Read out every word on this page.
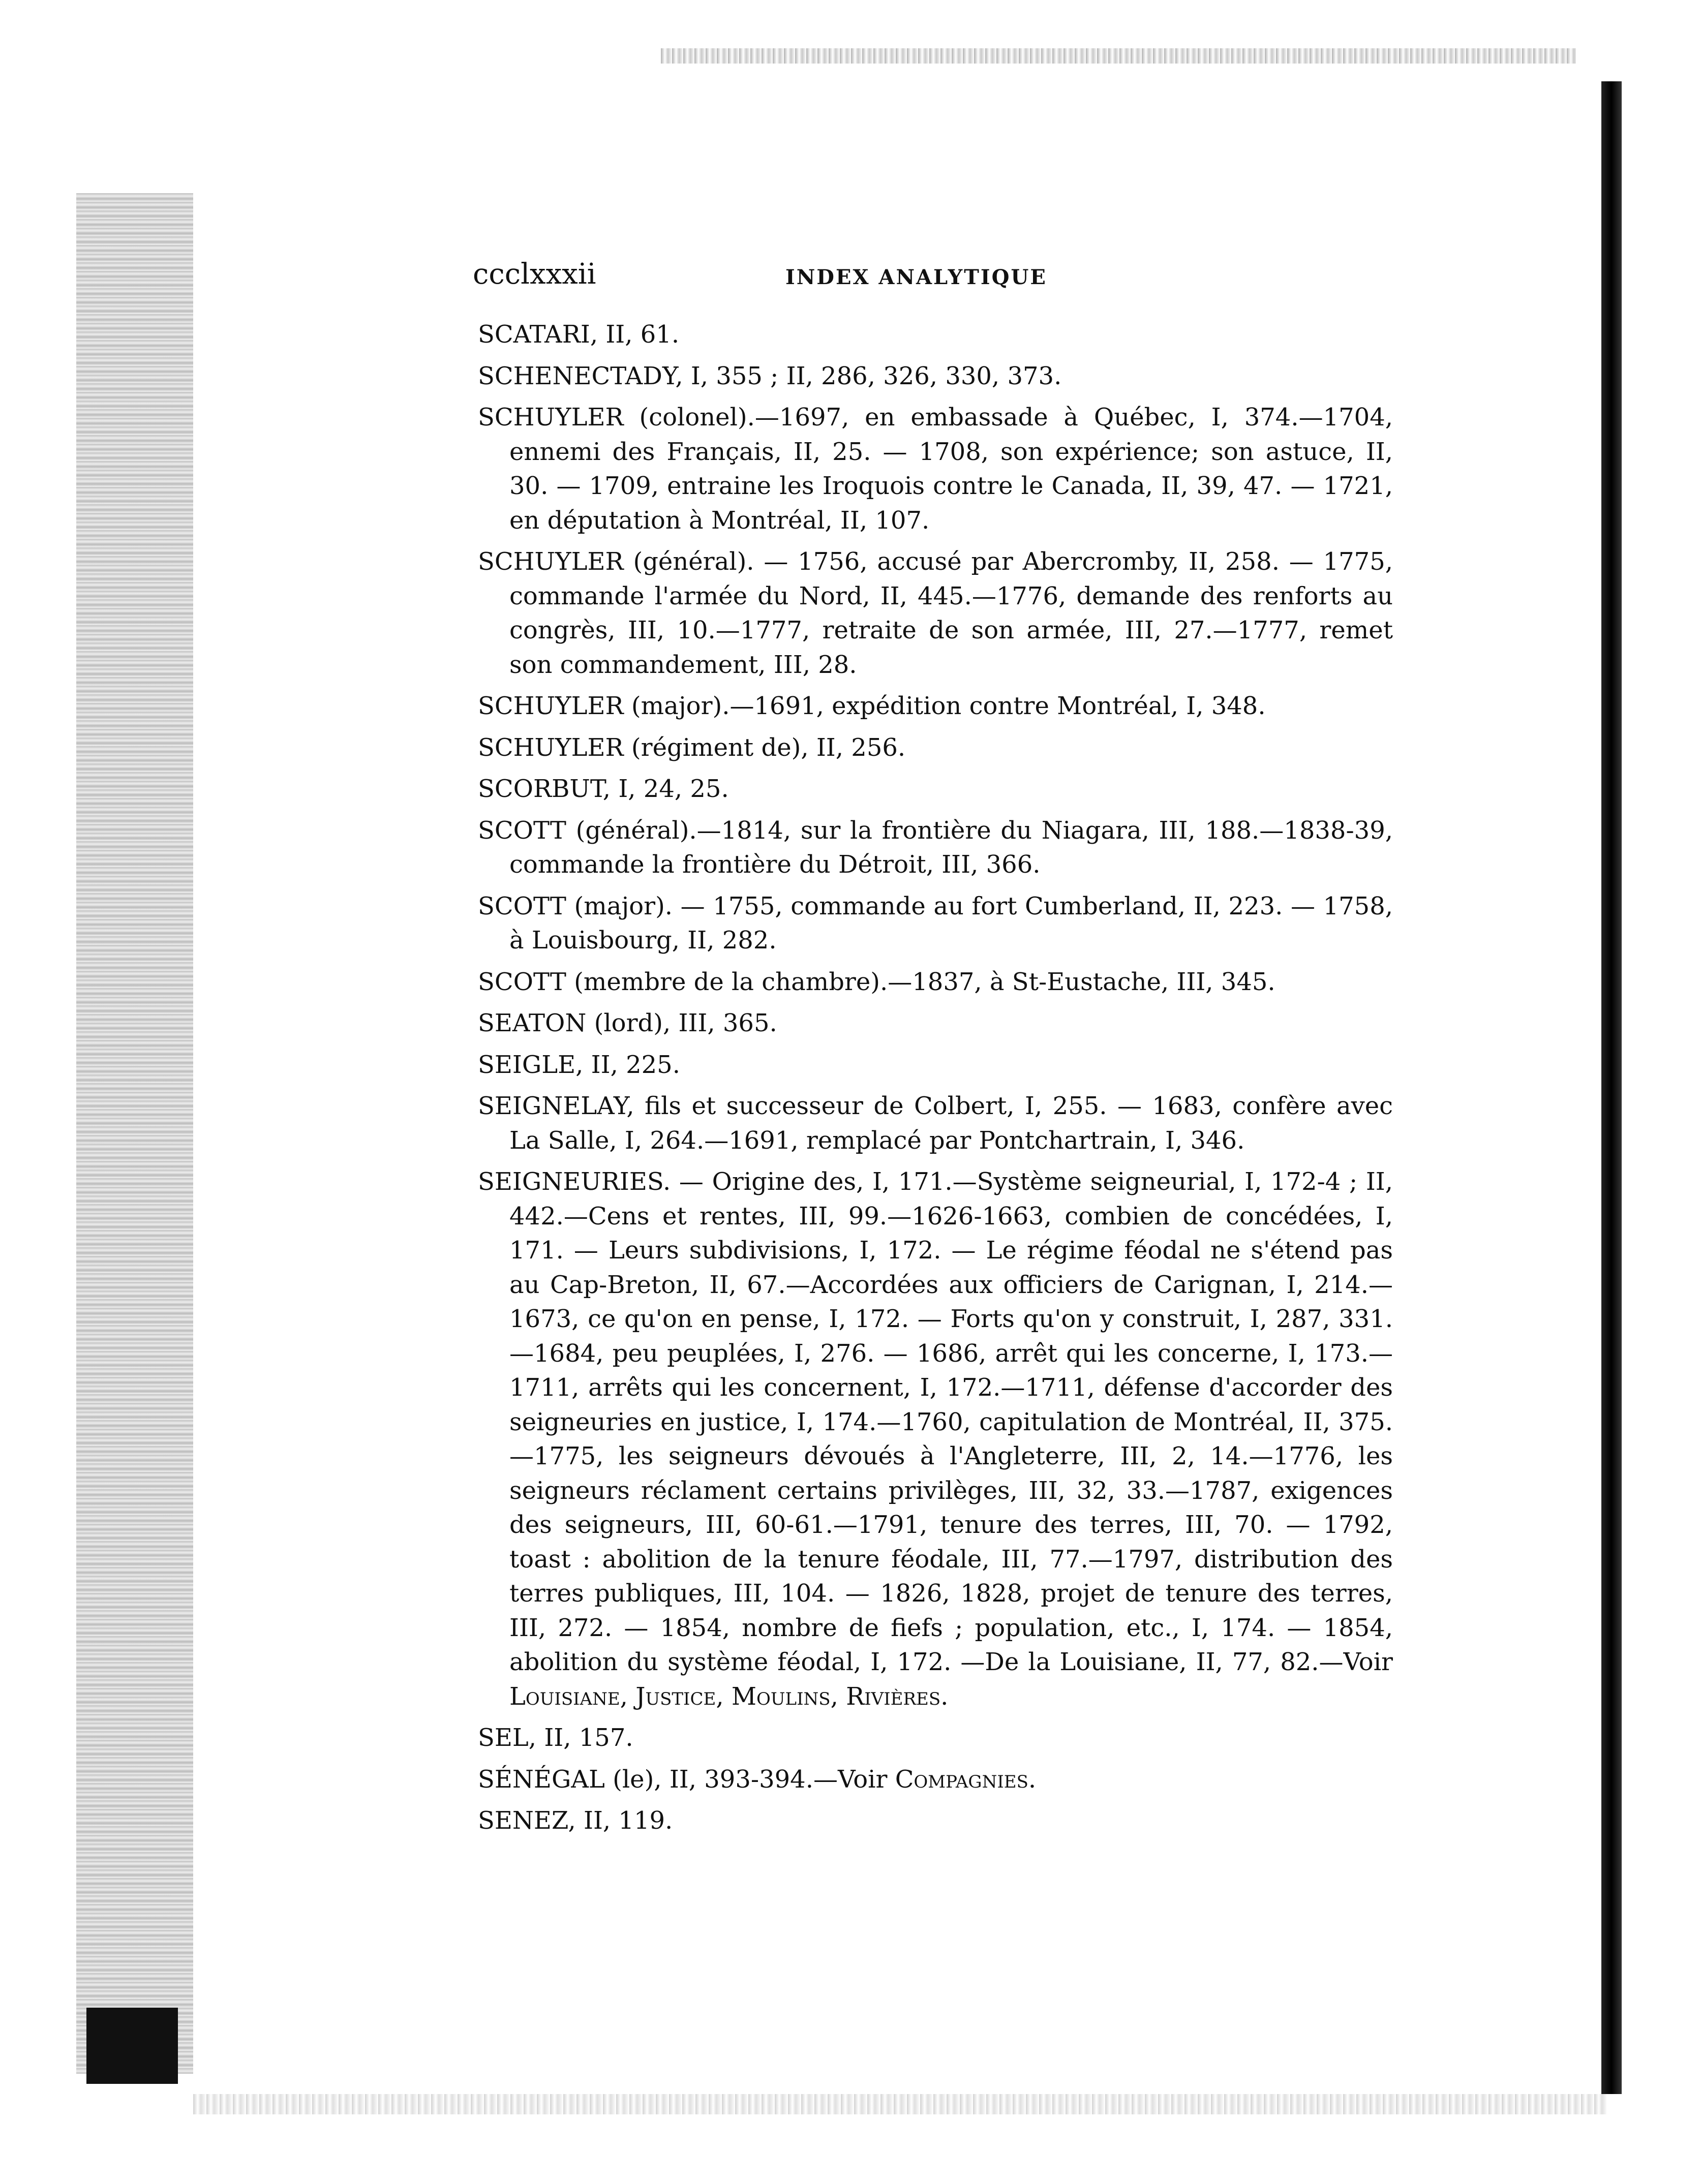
ccclxxxii	INDEX ANALYTIQUE

SCATARI, II, 61.

SCHENECTADY, I, 355 ; II, 286, 326, 330, 373.

SCHUYLER (colonel).—1697, en embassade à Québec, I, 374.—1704, ennemi des Français, II, 25. — 1708, son expérience; son astuce, II, 30. — 1709, entraine les Iroquois contre le Canada, II, 39, 47. — 1721, en députation à Montréal, II, 107.

SCHUYLER (général). — 1756, accusé par Abercromby, II, 258. — 1775, commande l'armée du Nord, II, 445.—1776, demande des renforts au congrès, III, 10.—1777, retraite de son armée, III, 27.—1777, remet son commandement, III, 28.

SCHUYLER (major).—1691, expédition contre Montréal, I, 348.

SCHUYLER (régiment de), II, 256.

SCORBUT, I, 24, 25.

SCOTT (général).—1814, sur la frontière du Niagara, III, 188.—1838-39, commande la frontière du Détroit, III, 366.

SCOTT (major). — 1755, commande au fort Cumberland, II, 223. — 1758, à Louisbourg, II, 282.

SCOTT (membre de la chambre).—1837, à St-Eustache, III, 345.

SEATON (lord), III, 365.

SEIGLE, II, 225.

SEIGNELAY, fils et successeur de Colbert, I, 255. — 1683, confère avec La Salle, I, 264.—1691, remplacé par Pontchartrain, I, 346.

SEIGNEURIES. — Origine des, I, 171.—Système seigneurial, I, 172-4 ; II, 442.—Cens et rentes, III, 99.—1626-1663, combien de concédées, I, 171. — Leurs subdivisions, I, 172. — Le régime féodal ne s'étend pas au Cap-Breton, II, 67.—Accordées aux officiers de Carignan, I, 214.—1673, ce qu'on en pense, I, 172. — Forts qu'on y construit, I, 287, 331.—1684, peu peuplées, I, 276. — 1686, arrêt qui les concerne, I, 173.—1711, arrêts qui les concernent, I, 172.—1711, défense d'accorder des seigneuries en justice, I, 174.—1760, capitulation de Montréal, II, 375.—1775, les seigneurs dévoués à l'Angleterre, III, 2, 14.—1776, les seigneurs réclament certains privilèges, III, 32, 33.—1787, exigences des seigneurs, III, 60-61.—1791, tenure des terres, III, 70. — 1792, toast : abolition de la tenure féodale, III, 77.—1797, distribution des terres publiques, III, 104. — 1826, 1828, projet de tenure des terres, III, 272. — 1854, nombre de fiefs ; population, etc., I, 174. — 1854, abolition du système féodal, I, 172. —De la Louisiane, II, 77, 82.—Voir Louisiane, Justice, Moulins, Rivières.

SEL, II, 157.

SÉNÉGAL (le), II, 393-394.—Voir Compagnies.

SENEZ, II, 119.
